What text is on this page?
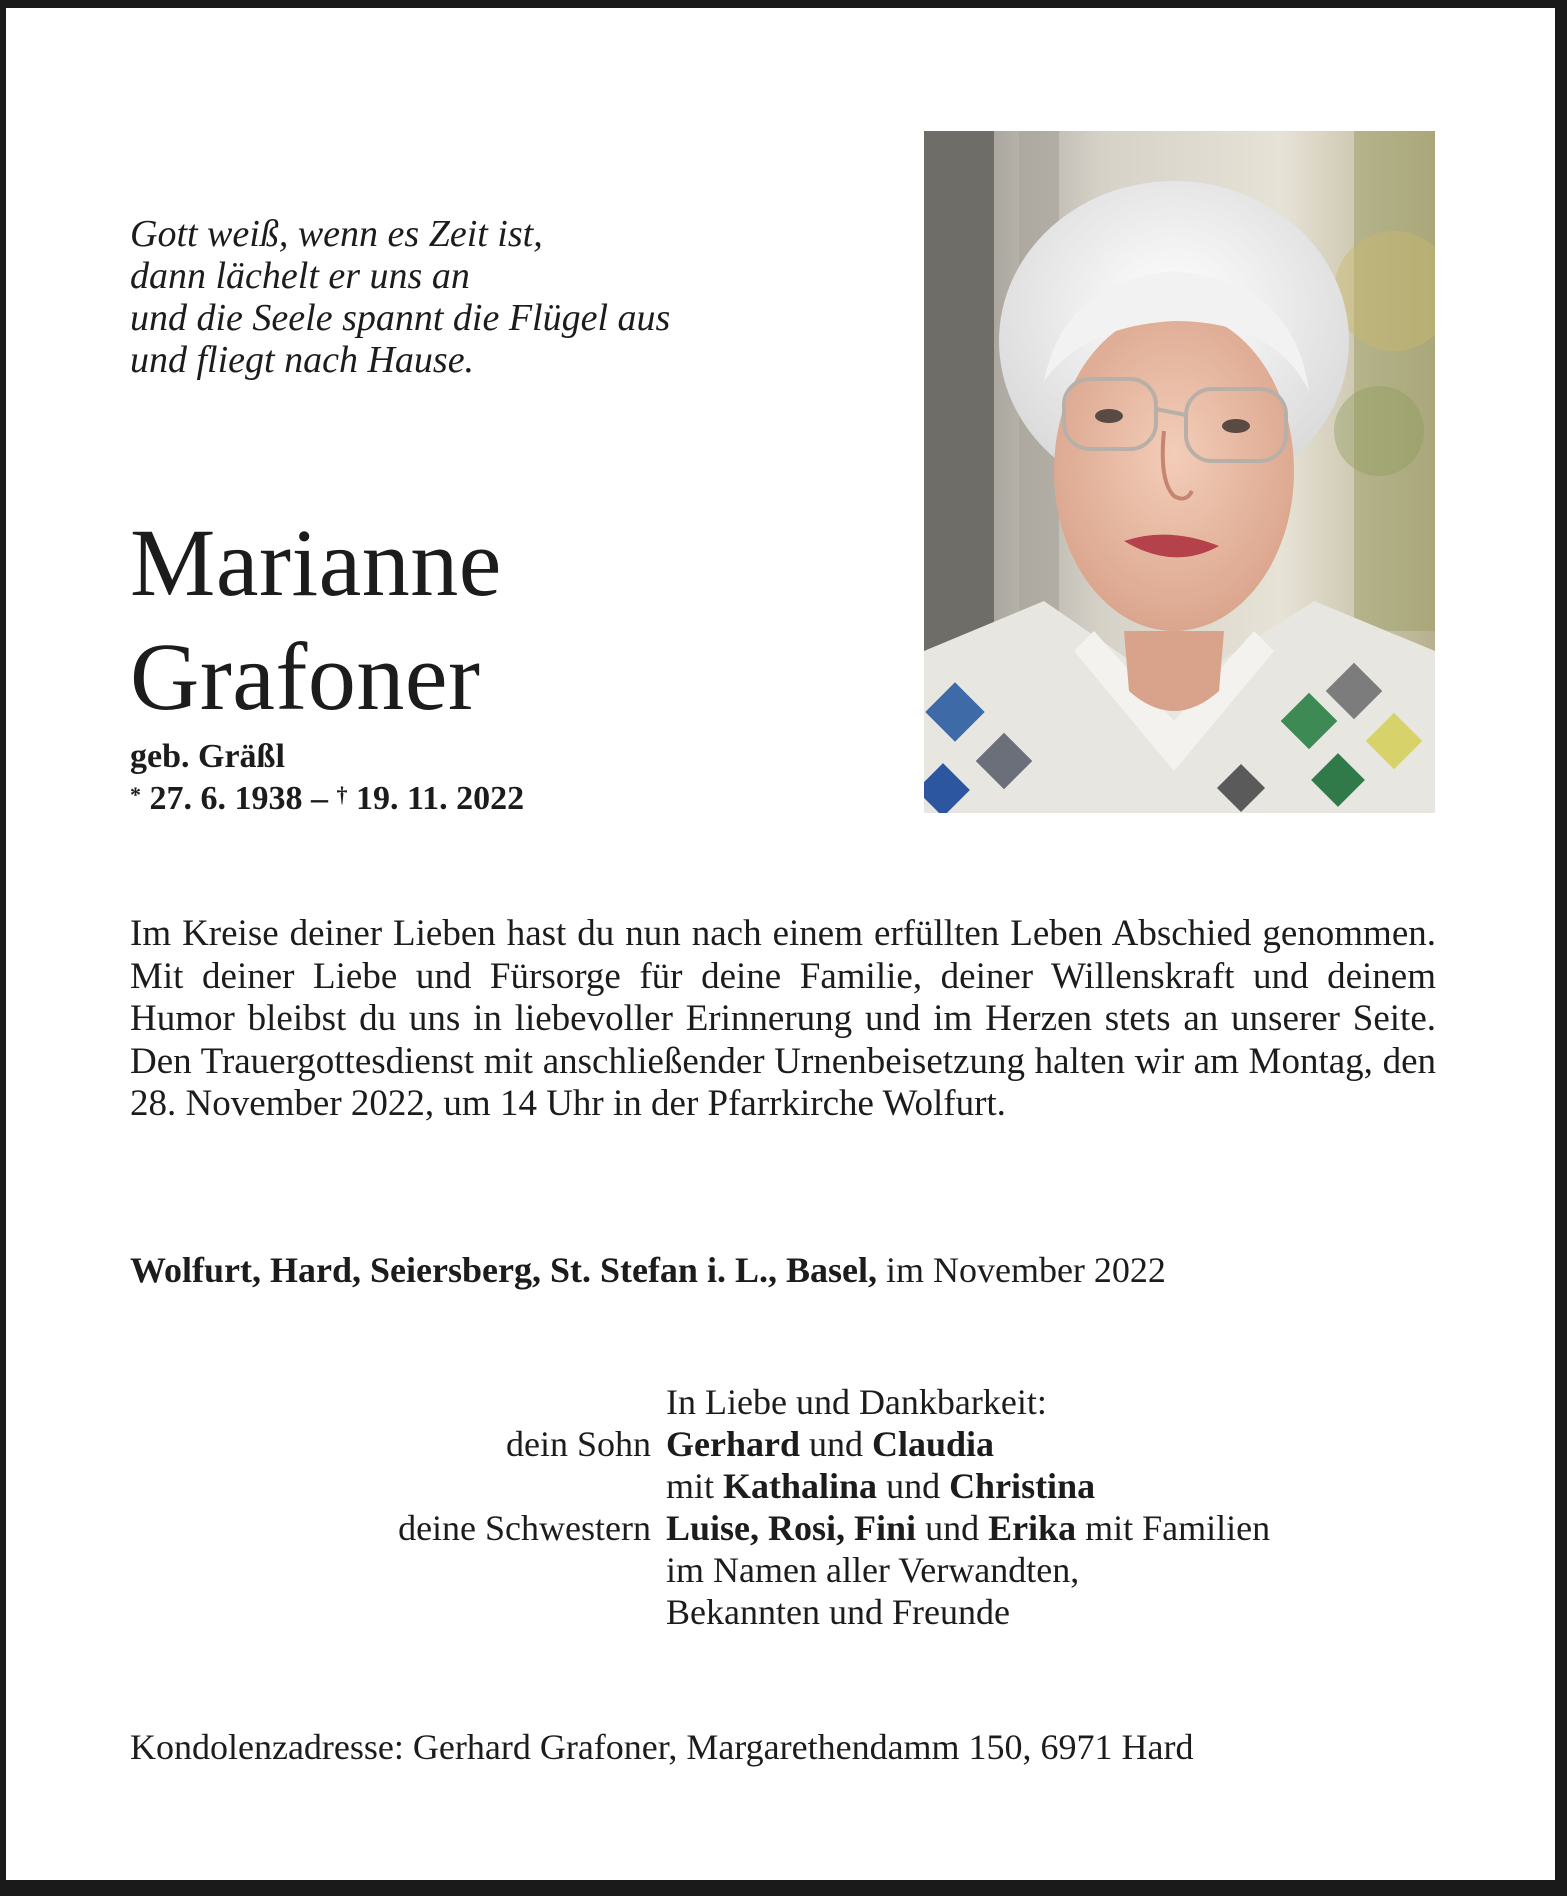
Gott weiß, wenn es Zeit ist,
dann lächelt er uns an
und die Seele spannt die Flügel aus
und fliegt nach Hause.
Marianne
Grafoner
geb. Gräßl
* 27. 6. 1938 – † 19. 11. 2022
Im Kreise deiner Lieben hast du nun nach einem erfüllten Leben Abschied genommen. Mit deiner Liebe und Fürsorge für deine Familie, deiner Willenskraft und deinem Humor bleibst du uns in liebevoller Erinnerung und im Herzen stets an unserer Seite. Den Trauergottesdienst mit anschließender Urnenbeisetzung halten wir am Montag, den 28. November 2022, um 14 Uhr in der Pfarrkirche Wolfurt.
Wolfurt, Hard, Seiersberg, St. Stefan i. L., Basel, im November 2022
In Liebe und Dankbarkeit:
dein Sohn Gerhard und Claudia
mit Kathalina und Christina
deine Schwestern Luise, Rosi, Fini und Erika mit Familien
im Namen aller Verwandten,
Bekannten und Freunde
Kondolenzadresse: Gerhard Grafoner, Margarethendamm 150, 6971 Hard
